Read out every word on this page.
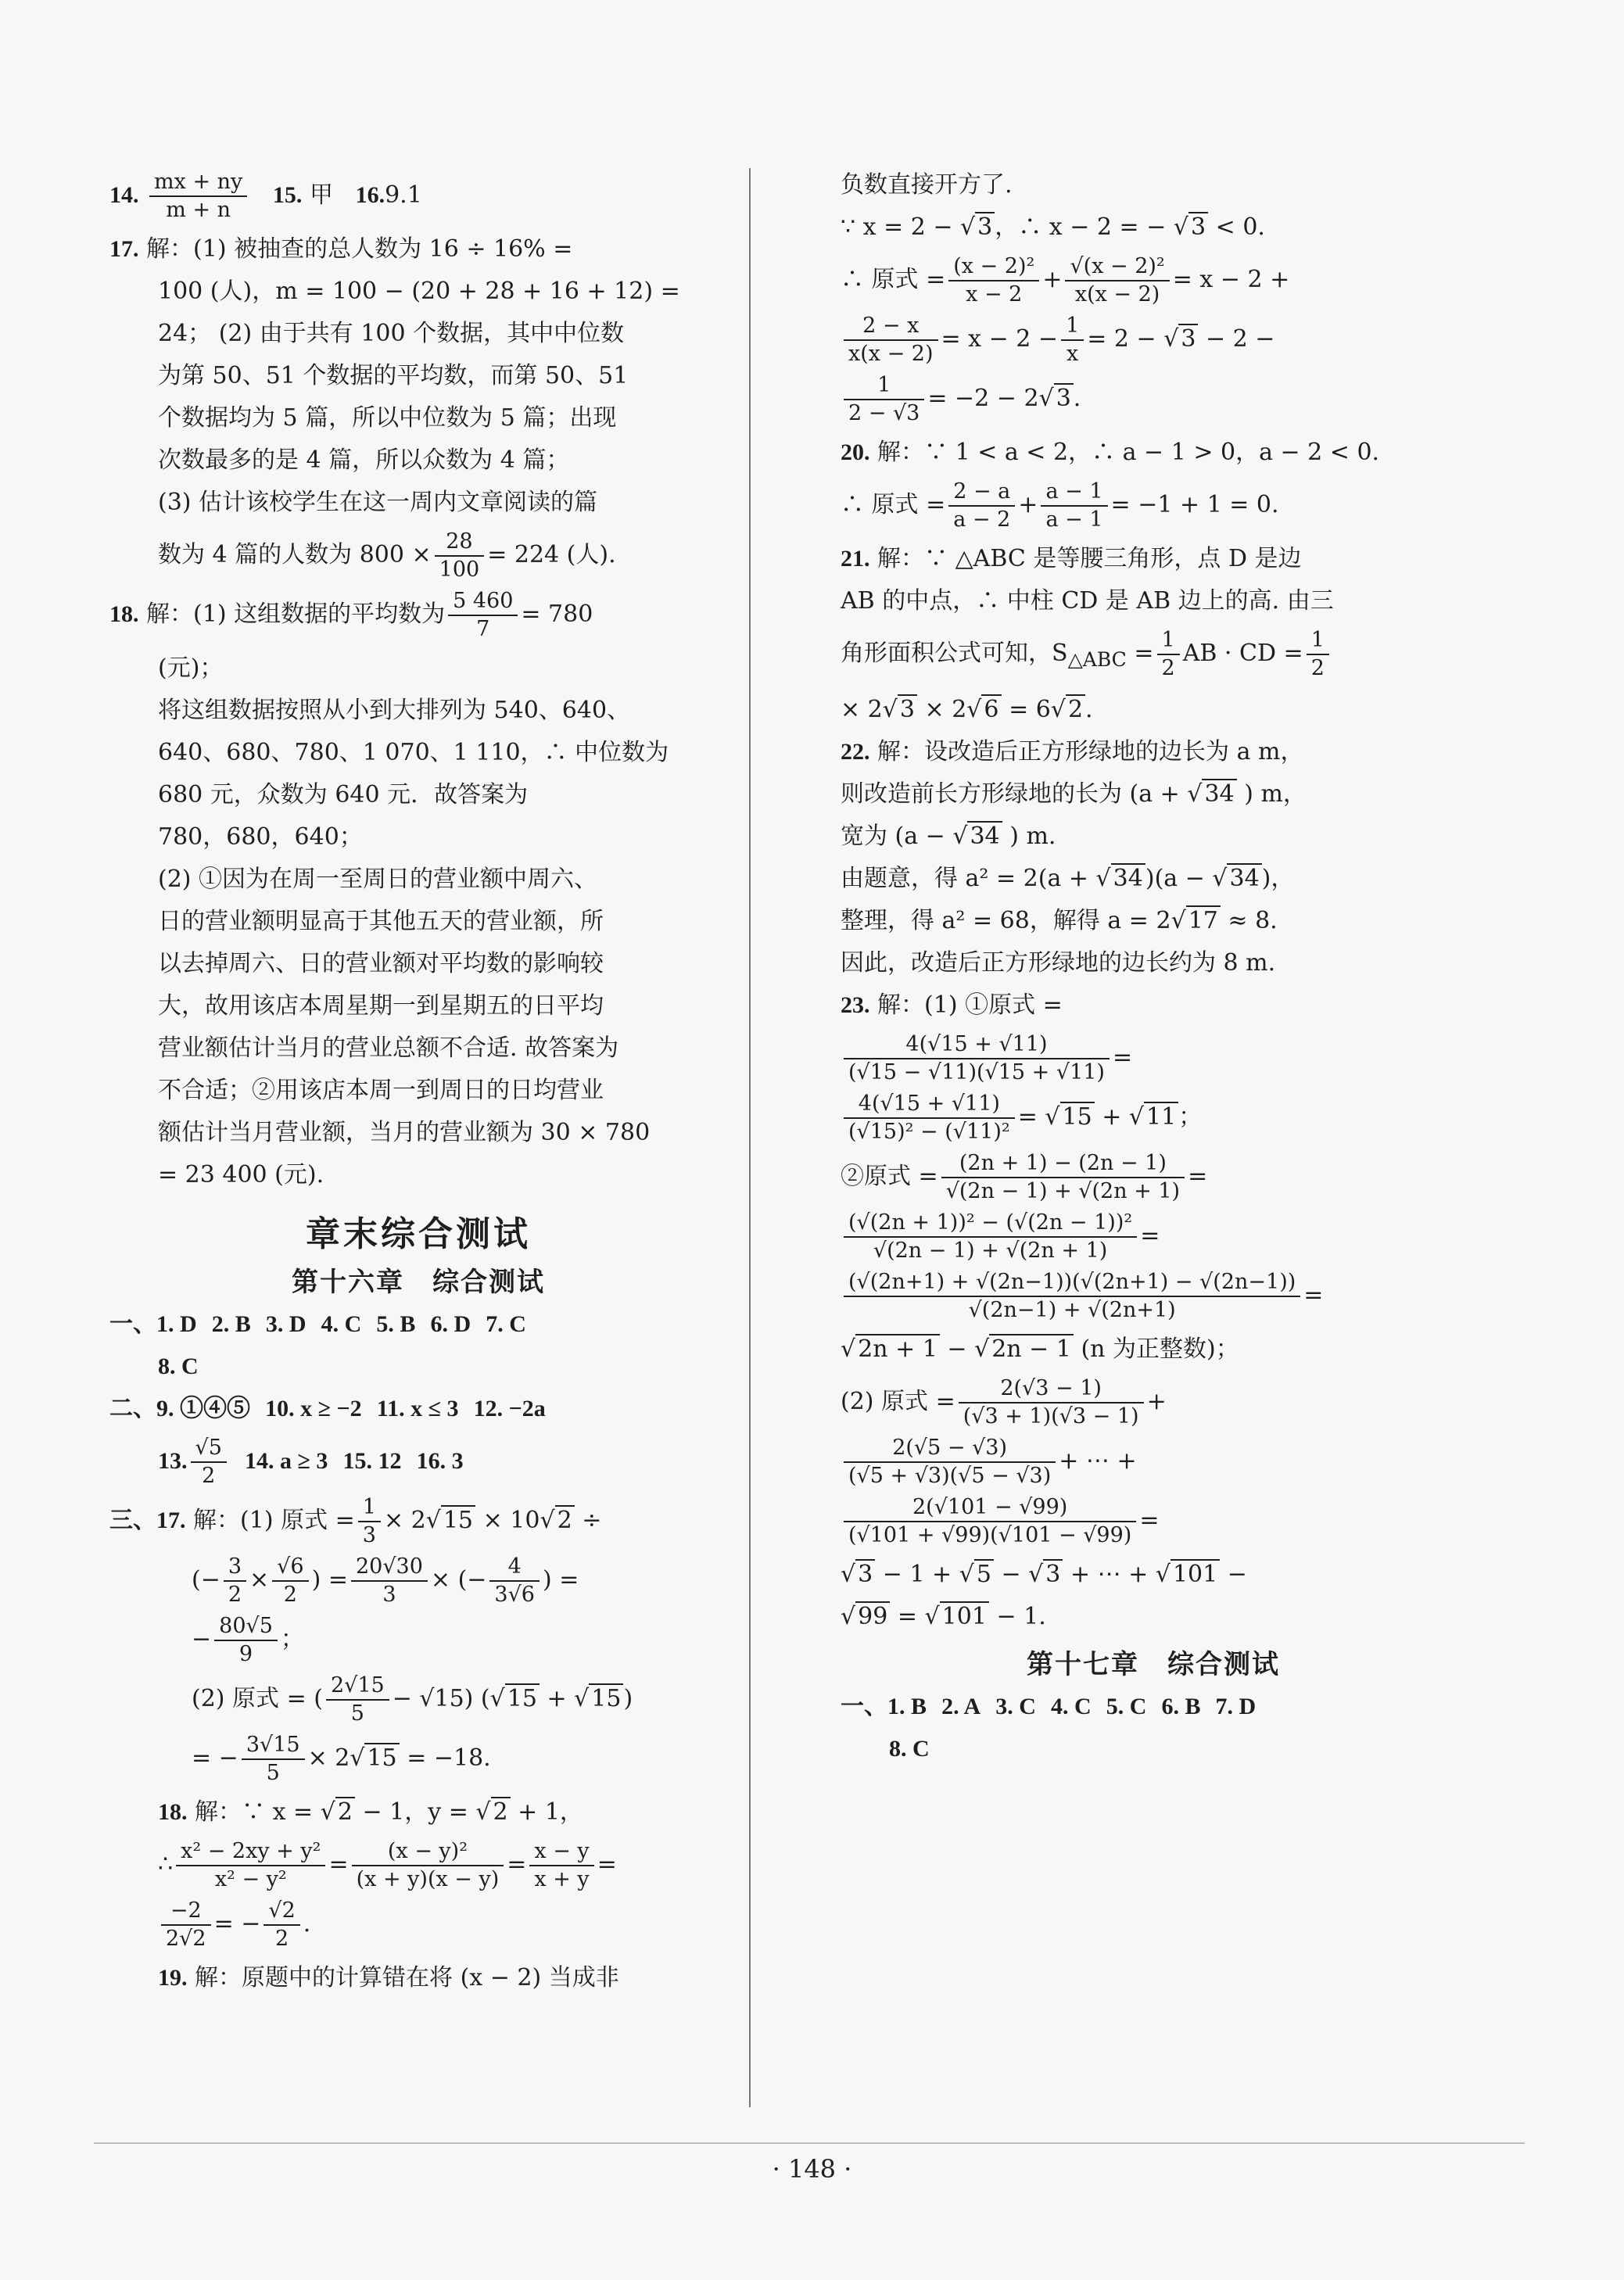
14. $\frac{mx + ny}{m + n} 15$. 甲 16.9.1
17. 解：(1) 被抽查的总人数为 16 ÷ 16% =
100 (人)，m = 100 − (20 + 28 + 16 + 12) =
24； (2) 由于共有 100 个数据，其中中位数
为第 50、51 个数据的平均数，而第 50、51
个数据均为 5 篇，所以中位数为 5 篇；出现
次数最多的是 4 篇，所以众数为 4 篇；
(3) 估计该校学生在这一周内文章阅读的篇
数为 4 篇的人数为 $800 \times \frac{28}{100} = 224$ (人).
18. 解：(1) 这组数据的平均数为 $\frac{5 460}{7} = 780$
(元)；
将这组数据按照从小到大排列为 540、640、
640、680、780、1 070、1 110，∴ 中位数为
680 元，众数为 640 元．故答案为
780，680，640；
(2) ①因为在周一至周日的营业额中周六、
日的营业额明显高于其他五天的营业额，所
以去掉周六、日的营业额对平均数的影响较
大，故用该店本周星期一到星期五的日平均
营业额估计当月的营业总额不合适. 故答案为
不合适；②用该店本周一到周日的日均营业
额估计当月营业额，当月的营业额为 30 × 780
= 23 400 (元).
章末综合测试
第十六章　综合测试
一、1. D 2. B 3. D 4. C 5. B 6. D 7. C
8. C
二、9. ①④⑤ 10. x ≥ −2 11. x ≤ 3 12. −2a
13. $\frac{√5}{2} 14$. a ≥ 3 15. 12 16. 3
三、17. 解：(1) 原式 = $\frac{1}{3} \times 2√$ 15 × 10√ 2 ÷
(− $\frac{3}{2} \times \frac{√6}{2}$ ) = $\frac{20√30}{3}$ × (− $\frac{4}{3√6}$ ) =
− $\frac{80√5}{9}$ ；
(2) 原式 = ( $\frac{2√15}{5} - √15$) (√ 15 + √ 15 )
= − $\frac{3√15}{5} \times 2√$ 15 = −18.
18. 解：∵ x = √ 2 − 1，y = √ 2 + 1，
∴ $\frac{\text{x² − 2xy + y²}}{\text{x² − y²}} = \frac{\text{(x − y)²}}{(x + y)(x - y)} = \frac{x - y}{x + y}$ =
$\frac{-2}{2√2}$ = − $\frac{√2}{2}$ .
19. 解：原题中的计算错在将 (x − 2) 当成非
负数直接开方了.
∵ x = 2 − √ 3 ，∴ x − 2 = − √ 3 < 0.
∴ 原式 = $\frac{\text{(x − 2)²}}{x - 2} + \frac{\text{√(x − 2)²}}{x(x - 2)} = x - 2$ +
$\frac{2 - x}{x(x - 2)} = x - 2 - \frac{1}{x} = 2$ − √ 3 − 2 −
$\frac{1}{2 - √3} = -2 - 2√$ 3 .
20. 解：∵ 1 < a < 2，∴ a − 1 > 0，a − 2 < 0.
∴ 原式 = $\frac{2 - a}{a - 2} + \frac{a - 1}{a - 1} = -1 + 1 = 0$.
21. 解：∵ △ABC 是等腰三角形，点 D 是边
AB 的中点，∴ 中柱 CD 是 AB 边上的高. 由三
角形面积公式可知，$S_{\triangle ABC} = \frac{1}{2}$ AB · CD = $\frac{1}{2}$
× 2√ 3 × 2√ 6 = 6√ 2 .
22. 解：设改造后正方形绿地的边长为 a m，
则改造前长方形绿地的长为 (a + √ 34 ) m，
宽为 (a − √ 34 ) m.
由题意，得 a² = 2(a + √ 34 )(a − √ 34 )，
整理，得 a² = 68，解得 a = 2√ 17 ≈ 8.
因此，改造后正方形绿地的边长约为 8 m.
23. 解：(1) ①原式 =
$\frac{4(√15 + √11)}{(√15 - √11)(√15 + √11)}$ =
$\frac{4(√15 + √11)}{\text{(√15)² − (√11)²}}$ = √ 15 + √ 11 ；
②原式 = $\frac{(2n + 1) - (2n - 1)}{√(2n - 1) + √(2n + 1)}$ =
$\frac{\text{(√(2n + 1))² − (√(2n − 1))²}}{√(2n - 1) + √(2n + 1)}$ =
$\frac{(√(2n+1) + √(2n-1))(√(2n+1) - √(2n-1))}{√(2n-1) + √(2n+1)}$ =
√ 2n + 1 − √ 2n − 1 (n 为正整数)；
(2) 原式 = $\frac{2(√3 - 1)}{(√3 + 1)(√3 - 1)}$ +
$\frac{2(√5 - √3)}{(√5 + √3)(√5 - √3)}$ + ⋯ +
$\frac{2(√101 - √99)}{(√101 + √99)(√101 - √99)}$ =
√ 3 − 1 + √ 5 − √ 3 + ⋯ + √ 101 −
√ 99 = √ 101 − 1.
第十七章　综合测试
一、1. B 2. A 3. C 4. C 5. C 6. B 7. D
8. C
· 148 ·
